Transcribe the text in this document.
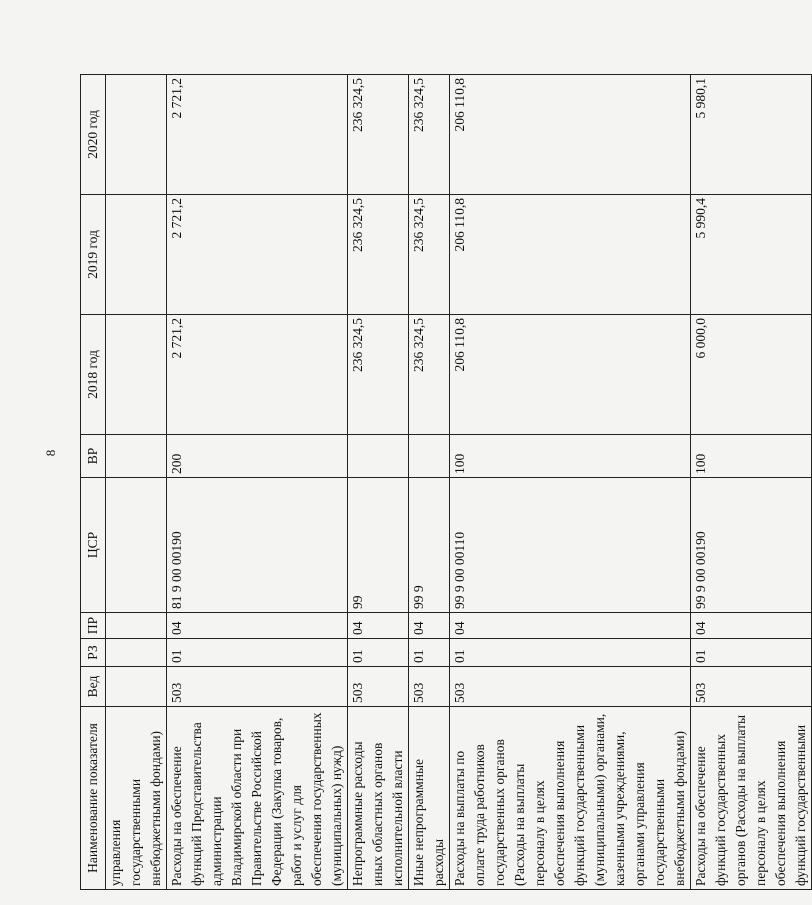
8
Наименование показателя	Вед	РЗ	ПР	ЦСР	ВР	2018 год	2019 год	2020 год
управления государственными внебюджетными фондами)								
Расходы на обеспечение функций Представительства администрации Владимирской области при Правительстве Российской Федерации (Закупка товаров, работ и услуг для обеспечения государственных (муниципальных) нужд)	503	01	04	81 9 00 00190	200	2 721,2	2 721,2	2 721,2
Непрограммные расходы иных областных органов исполнительной власти	503	01	04	99		236 324,5	236 324,5	236 324,5
Иные непрограммные расходы	503	01	04	99 9		236 324,5	236 324,5	236 324,5
Расходы на выплаты по оплате труда работников государственных органов (Расходы на выплаты персоналу в целях обеспечения выполнения функций государственными (муниципальными) органами, казенными учреждениями, органами управления государственными внебюджетными фондами)	503	01	04	99 9 00 00110	100	206 110,8	206 110,8	206 110,8
Расходы на обеспечение функций государственных органов (Расходы на выплаты персоналу в целях обеспечения выполнения функций государственными	503	01	04	99 9 00 00190	100	6 000,0	5 990,4	5 980,1
